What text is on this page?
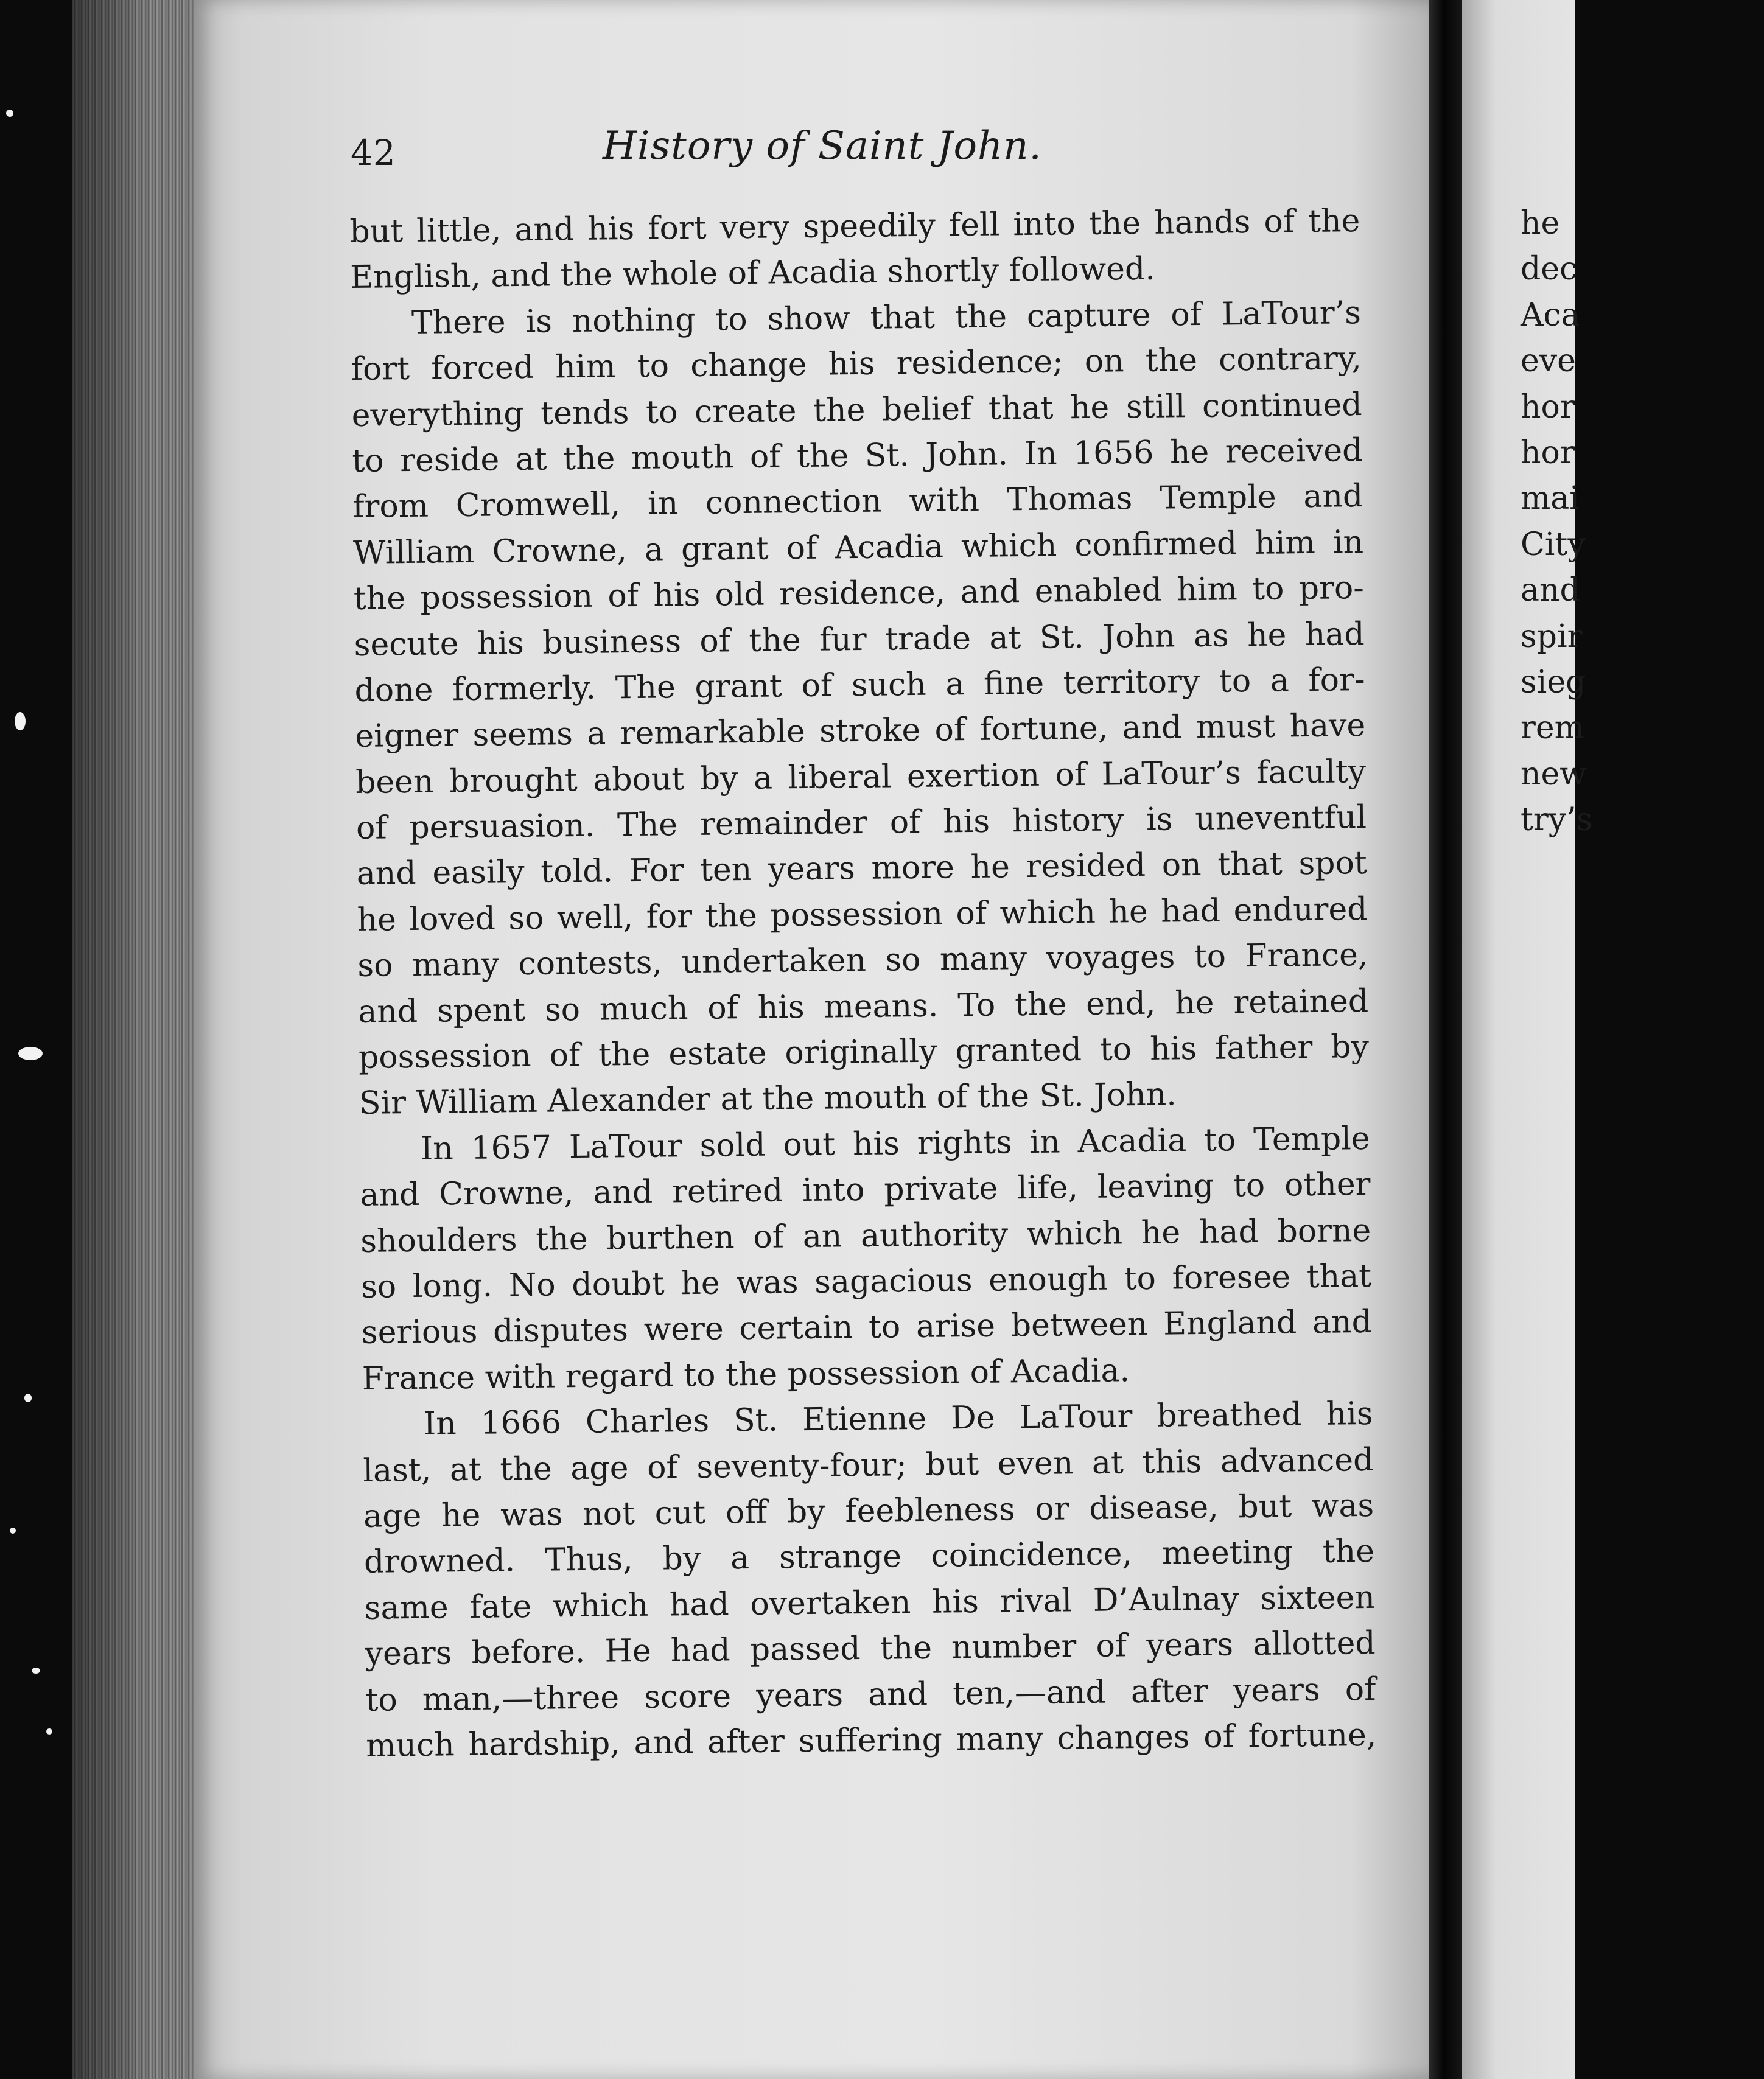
42	History of Saint John.
but little, and his fort very speedily fell into the hands of the
English, and the whole of Acadia shortly followed.
There is nothing to show that the capture of LaTour’s
fort forced him to change his residence; on the contrary,
everything tends to create the belief that he still continued
to reside at the mouth of the St. John. In 1656 he received
from Cromwell, in connection with Thomas Temple and
William Crowne, a grant of Acadia which confirmed him in
the possession of his old residence, and enabled him to pro-
secute his business of the fur trade at St. John as he had
done formerly. The grant of such a fine territory to a for-
eigner seems a remarkable stroke of fortune, and must have
been brought about by a liberal exertion of LaTour’s faculty
of persuasion. The remainder of his history is uneventful
and easily told. For ten years more he resided on that spot
he loved so well, for the possession of which he had endured
so many contests, undertaken so many voyages to France,
and spent so much of his means. To the end, he retained
possession of the estate originally granted to his father by
Sir William Alexander at the mouth of the St. John.
In 1657 LaTour sold out his rights in Acadia to Temple
and Crowne, and retired into private life, leaving to other
shoulders the burthen of an authority which he had borne
so long. No doubt he was sagacious enough to foresee that
serious disputes were certain to arise between England and
France with regard to the possession of Acadia.
In 1666 Charles St. Etienne De LaTour breathed his
last, at the age of seventy-four; but even at this advanced
age he was not cut off by feebleness or disease, but was
drowned. Thus, by a strange coincidence, meeting the
same fate which had overtaken his rival D’Aulnay sixteen
years before. He had passed the number of years allotted
to man,—three score years and ten,—and after years of
much hardship, and after suffering many changes of fortune,
he
dec
Aca
eve
hor
hor
mai
City
and
spir
sieg
rem
new
try’s
